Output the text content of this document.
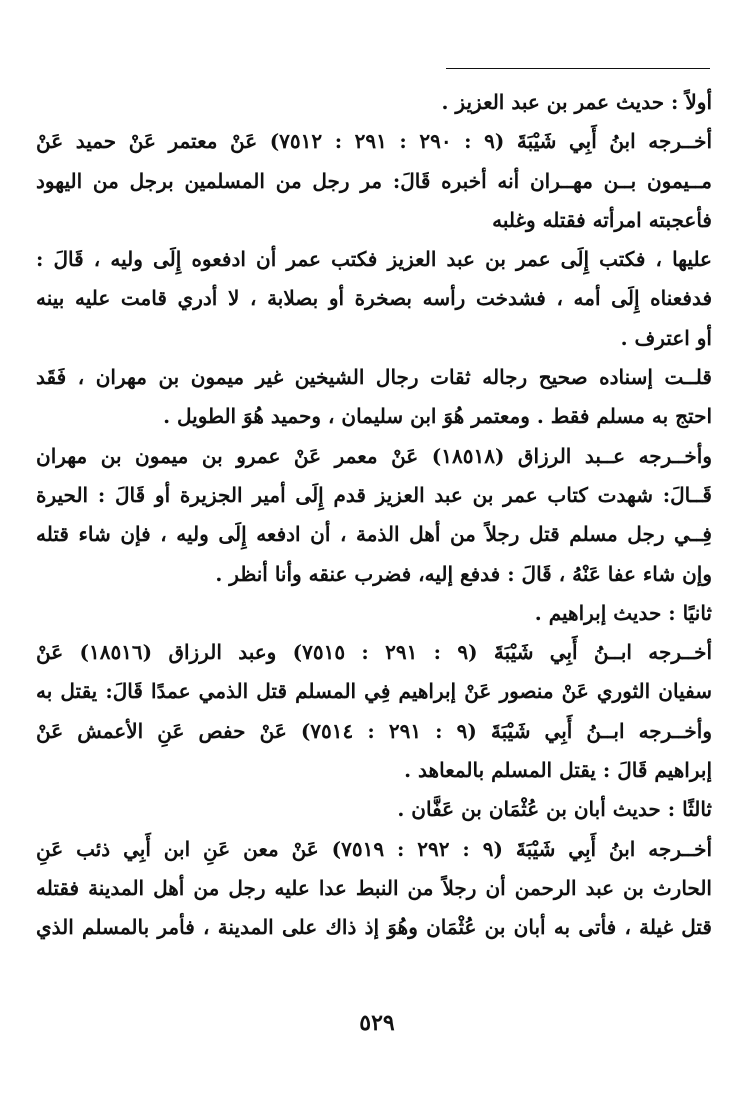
أولاً : حديث عمر بن عبد العزيز .
أخــرجه ابنُ أَبِي شَيْبَةَ (٩ : ٢٩٠ : ٢٩١ : ٧٥١٢) عَنْ معتمر عَنْ حميد عَنْ
مــيمون بــن مهــران أنه أخبره قَالَ: مر رجل من المسلمين برجل من اليهود
فأعجبته امرأته فقتله وغلبه
عليها ، فكتب إِلَى عمر بن عبد العزيز فكتب عمر أن ادفعوه إِلَى وليه ، قَالَ :
فدفعناه إِلَى أمه ، فشدخت رأسه بصخرة أو بصلابة ، لا أدري قامت عليه بينه
أو اعترف .
قلــت إسناده صحيح رجاله ثقات رجال الشيخين غير ميمون بن مهران ، فَقَد
احتج به مسلم فقط . ومعتمر هُوَ ابن سليمان ، وحميد هُوَ الطويل .
وأخــرجه عــبد الرزاق (١٨٥١٨) عَنْ معمر عَنْ عمرو بن ميمون بن مهران
قَــالَ: شهدت كتاب عمر بن عبد العزيز قدم إِلَى أمير الجزيرة أو قَالَ : الحيرة
فِــي رجل مسلم قتل رجلاً من أهل الذمة ، أن ادفعه إِلَى وليه ، فإن شاء قتله
وإن شاء عفا عَنْهُ ، قَالَ : فدفع إليه، فضرب عنقه وأنا أنظر .
ثانيًا : حديث إبراهيم .
أخــرجه ابــنُ أَبِي شَيْبَةَ (٩ : ٢٩١ : ٧٥١٥) وعبد الرزاق (١٨٥١٦) عَنْ
سفيان الثوري عَنْ منصور عَنْ إبراهيم فِي المسلم قتل الذمي عمدًا قَالَ: يقتل به
وأخــرجه ابــنُ أَبِي شَيْبَةَ (٩ : ٢٩١ : ٧٥١٤) عَنْ حفص عَنِ الأعمش عَنْ
إبراهيم قَالَ : يقتل المسلم بالمعاهد .
ثالثًا : حديث أبان بن عُثْمَان بن عَفَّان .
أخــرجه ابنُ أَبِي شَيْبَةَ (٩ : ٢٩٢ : ٧٥١٩) عَنْ معن عَنِ ابن أَبِي ذئب عَنِ
الحارث بن عبد الرحمن أن رجلاً من النبط عدا عليه رجل من أهل المدينة فقتله
قتل غيلة ، فأتى به أبان بن عُثْمَان وهُوَ إذ ذاك على المدينة ، فأمر بالمسلم الذي
٥٢٩
